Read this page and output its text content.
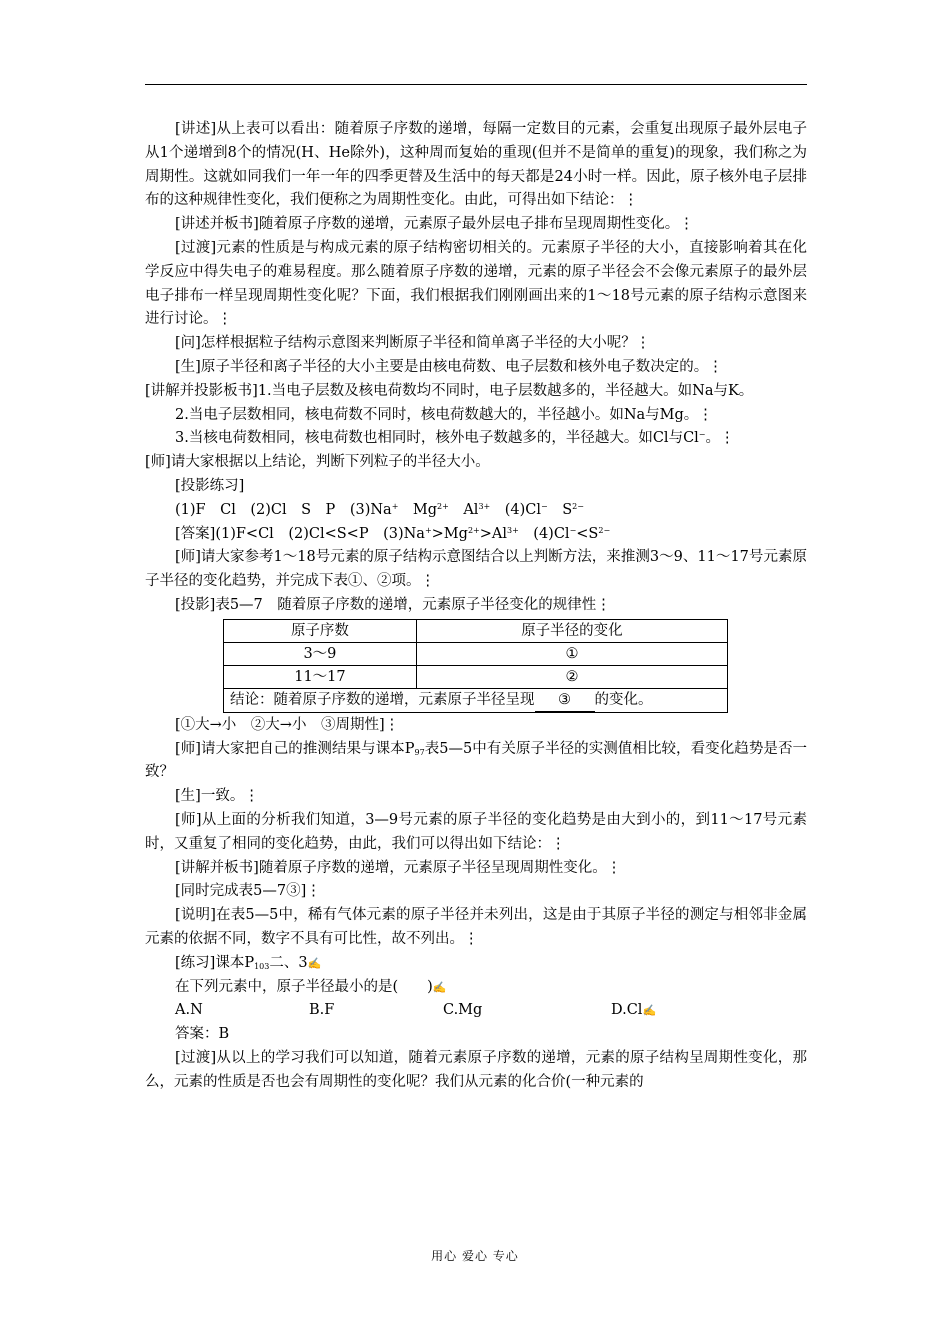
[讲述]从上表可以看出：随着原子序数的递增，每隔一定数目的元素，会重复出现原子最外层电子从1个递增到8个的情况(H、He除外)，这种周而复始的重现(但并不是简单的重复)的现象，我们称之为周期性。这就如同我们一年一年的四季更替及生活中的每天都是24小时一样。因此，原子核外电子层排布的这种规律性变化，我们便称之为周期性变化。由此，可得出如下结论：⋮

[讲述并板书]随着原子序数的递增，元素原子最外层电子排布呈现周期性变化。⋮

[过渡]元素的性质是与构成元素的原子结构密切相关的。元素原子半径的大小，直接影响着其在化学反应中得失电子的难易程度。那么随着原子序数的递增，元素的原子半径会不会像元素原子的最外层电子排布一样呈现周期性变化呢？下面，我们根据我们刚刚画出来的1～18号元素的原子结构示意图来进行讨论。⋮

[问]怎样根据粒子结构示意图来判断原子半径和简单离子半径的大小呢？⋮

[生]原子半径和离子半径的大小主要是由核电荷数、电子层数和核外电子数决定的。⋮

[讲解并投影板书]1.当电子层数及核电荷数均不同时，电子层数越多的，半径越大。如Na与K。

2.当电子层数相同，核电荷数不同时，核电荷数越大的，半径越小。如Na与Mg。⋮

3.当核电荷数相同，核电荷数也相同时，核外电子数越多的，半径越大。如Cl与Cl−。⋮

[师]请大家根据以上结论，判断下列粒子的半径大小。

[投影练习]

(1)F　Cl　 (2)Cl　S　P　 (3)Na+　 $Mg^{2+}$　 $Al^{3+}$　 (4)Cl−　 $S^{2-}$

[答案](1)F<Cl　 (2)Cl<S<P　 $(3)Na^+>Mg^{2+}>Al^{3+}$　 $(4)Cl^-<S^{2-}$

[师]请大家参考1～18号元素的原子结构示意图结合以上判断方法，来推测3～9、11～17号元素原子半径的变化趋势，并完成下表①、②项。⋮

[投影]表5—7　随着原子序数的递增，元素原子半径变化的规律性⋮

原子序数	原子半径的变化
3～9	①
11～17	②
结论：随着原子序数的递增，元素原子半径呈现 ③ 的变化。	

[①大→小　②大→小　③周期性]⋮

[师]请大家把自己的推测结果与课本$P_{97}$表5—5中有关原子半径的实测值相比较，看变化趋势是否一致？

[生]一致。⋮

[师]从上面的分析我们知道，3—9号元素的原子半径的变化趋势是由大到小的，到11～17号元素时，又重复了相同的变化趋势，由此，我们可以得出如下结论：⋮

[讲解并板书]随着原子序数的递增，元素原子半径呈现周期性变化。⋮

[同时完成表5—7③]⋮

[说明]在表5—5中，稀有气体元素的原子半径并未列出，这是由于其原子半径的测定与相邻非金属元素的依据不同，数字不具有可比性，故不列出。⋮

[练习]课本$P_{103}$二、3✍

在下列元素中，原子半径最小的是(　　)✍

A.N	B.F	C.Mg	D.Cl✍

答案：B

[过渡]从以上的学习我们可以知道，随着元素原子序数的递增，元素的原子结构呈周期性变化，那么，元素的性质是否也会有周期性的变化呢？我们从元素的化合价(一种元素的

用心 爱心 专心
